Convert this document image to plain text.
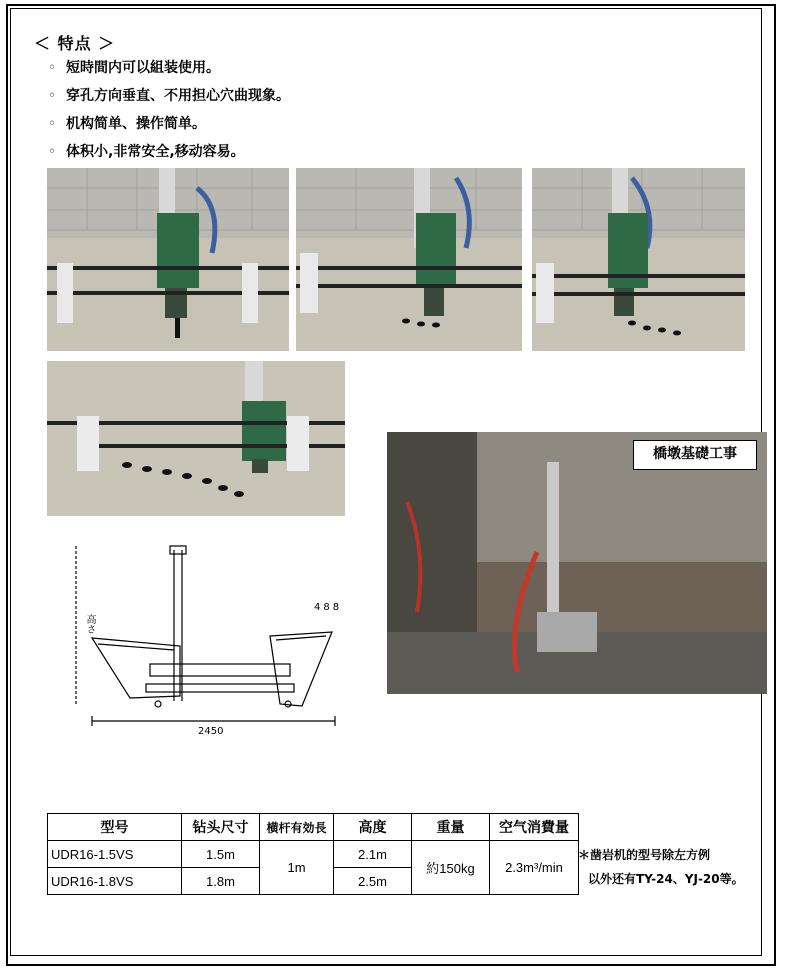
＜ 特点 ＞
◦ 短時間内可以組装使用。
◦ 穿孔方向垂直、不用担心穴曲现象。
◦ 机构简单、操作简单。
◦ 体积小,非常安全,移动容易。
橋墩基礎工事
高さ
488
2450
型号	钻头尺寸	横杆有効長	高度	重量	空气消費量
UDR16-1.5VS	1.5m	1m	2.1m	約150kg	2.3m³/min
UDR16-1.8VS	1.8m		2.5m		
＊凿岩机的型号除左方例
以外还有TY-24、YJ-20等。
